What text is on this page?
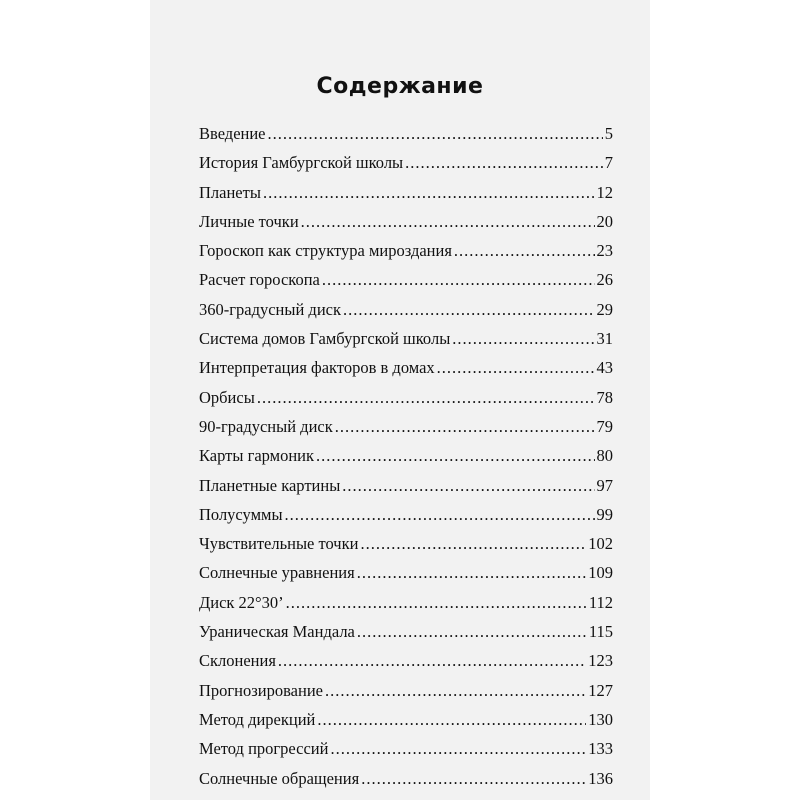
Содержание
Введение .....	5
История Гамбургской школы .....	7
Планеты .....	12
Личные точки .....	20
Гороскоп как структура мироздания .....	23
Расчет гороскопа .....	26
360-градусный диск .....	29
Система домов Гамбургской школы .....	31
Интерпретация факторов в домах .....	43
Орбисы .....	78
90-градусный диск .....	79
Карты гармоник .....	80
Планетные картины .....	97
Полусуммы .....	99
Чувствительные точки .....	102
Солнечные уравнения .....	109
Диск 22°30’ .....	112
Ураническая Мандала .....	115
Склонения .....	123
Прогнозирование .....	127
Метод дирекций .....	130
Метод прогрессий .....	133
Солнечные обращения .....	136
